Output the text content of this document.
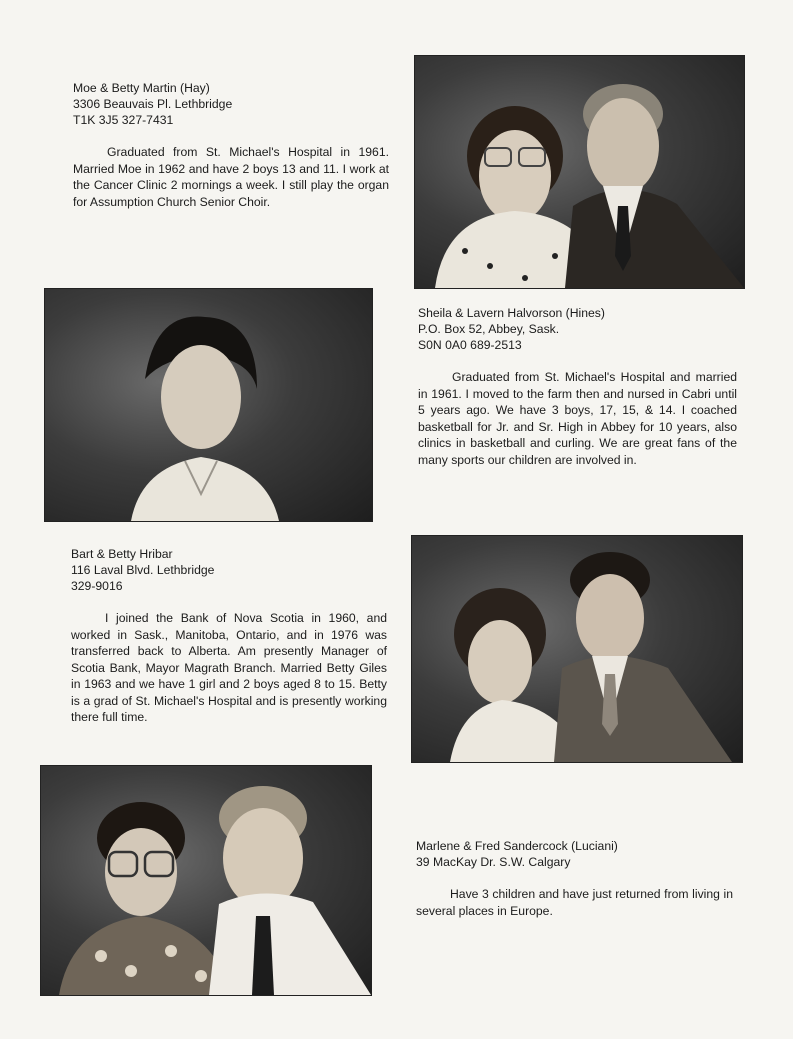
Moe & Betty Martin (Hay)
3306 Beauvais Pl. Lethbridge
T1K 3J5 327-7431
Graduated from St. Michael's Hospital in 1961. Married Moe in 1962 and have 2 boys 13 and 11. I work at the Cancer Clinic 2 mornings a week. I still play the organ for Assumption Church Senior Choir.
Sheila & Lavern Halvorson (Hines)
P.O. Box 52, Abbey, Sask.
S0N 0A0 689-2513
Graduated from St. Michael's Hospital and married in 1961. I moved to the farm then and nursed in Cabri until 5 years ago. We have 3 boys, 17, 15, & 14. I coached basketball for Jr. and Sr. High in Abbey for 10 years, also clinics in basketball and curling. We are great fans of the many sports our children are involved in.
Bart & Betty Hribar
116 Laval Blvd. Lethbridge
329-9016
I joined the Bank of Nova Scotia in 1960, and worked in Sask., Manitoba, Ontario, and in 1976 was transferred back to Alberta. Am presently Manager of Scotia Bank, Mayor Magrath Branch. Married Betty Giles in 1963 and we have 1 girl and 2 boys aged 8 to 15. Betty is a grad of St. Michael's Hospital and is presently working there full time.
Marlene & Fred Sandercock (Luciani)
39 MacKay Dr. S.W. Calgary
Have 3 children and have just returned from living in several places in Europe.
